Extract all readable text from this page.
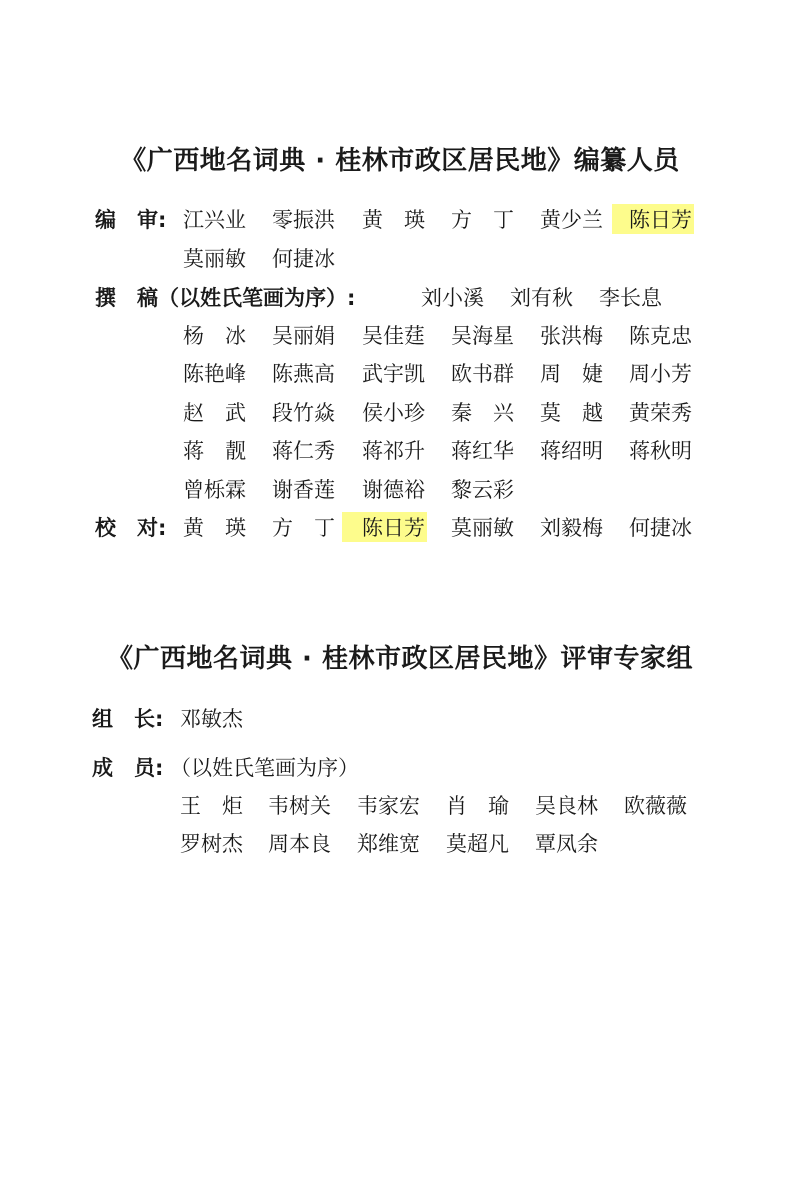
《广西地名词典 · 桂林市政区居民地》编纂人员
编　审: 江兴业 零振洪 黄　瑛 方　丁 黄少兰	陈日芳
莫丽敏 何捷冰
撰　稿（以姓氏笔画为序）:	刘小溪 刘有秋 李长息
杨　冰 吴丽娟 吴佳莛 吴海星 张洪梅 陈克忠
陈艳峰 陈燕高 武宇凯 欧书群 周　婕 周小芳
赵　武 段竹焱 侯小珍 秦　兴 莫　越 黄荣秀
蒋　靓 蒋仁秀 蒋祁升 蒋红华 蒋绍明 蒋秋明
曾栎霖 谢香莲 谢德裕 黎云彩
校　对: 黄　瑛 方　丁	陈日芳 莫丽敏 刘毅梅 何捷冰
《广西地名词典 · 桂林市政区居民地》评审专家组
组　长: 邓敏杰
成　员: （以姓氏笔画为序）
王　炬 韦树关 韦家宏 肖　瑜 吴良林 欧薇薇
罗树杰 周本良 郑维宽 莫超凡 覃凤余
